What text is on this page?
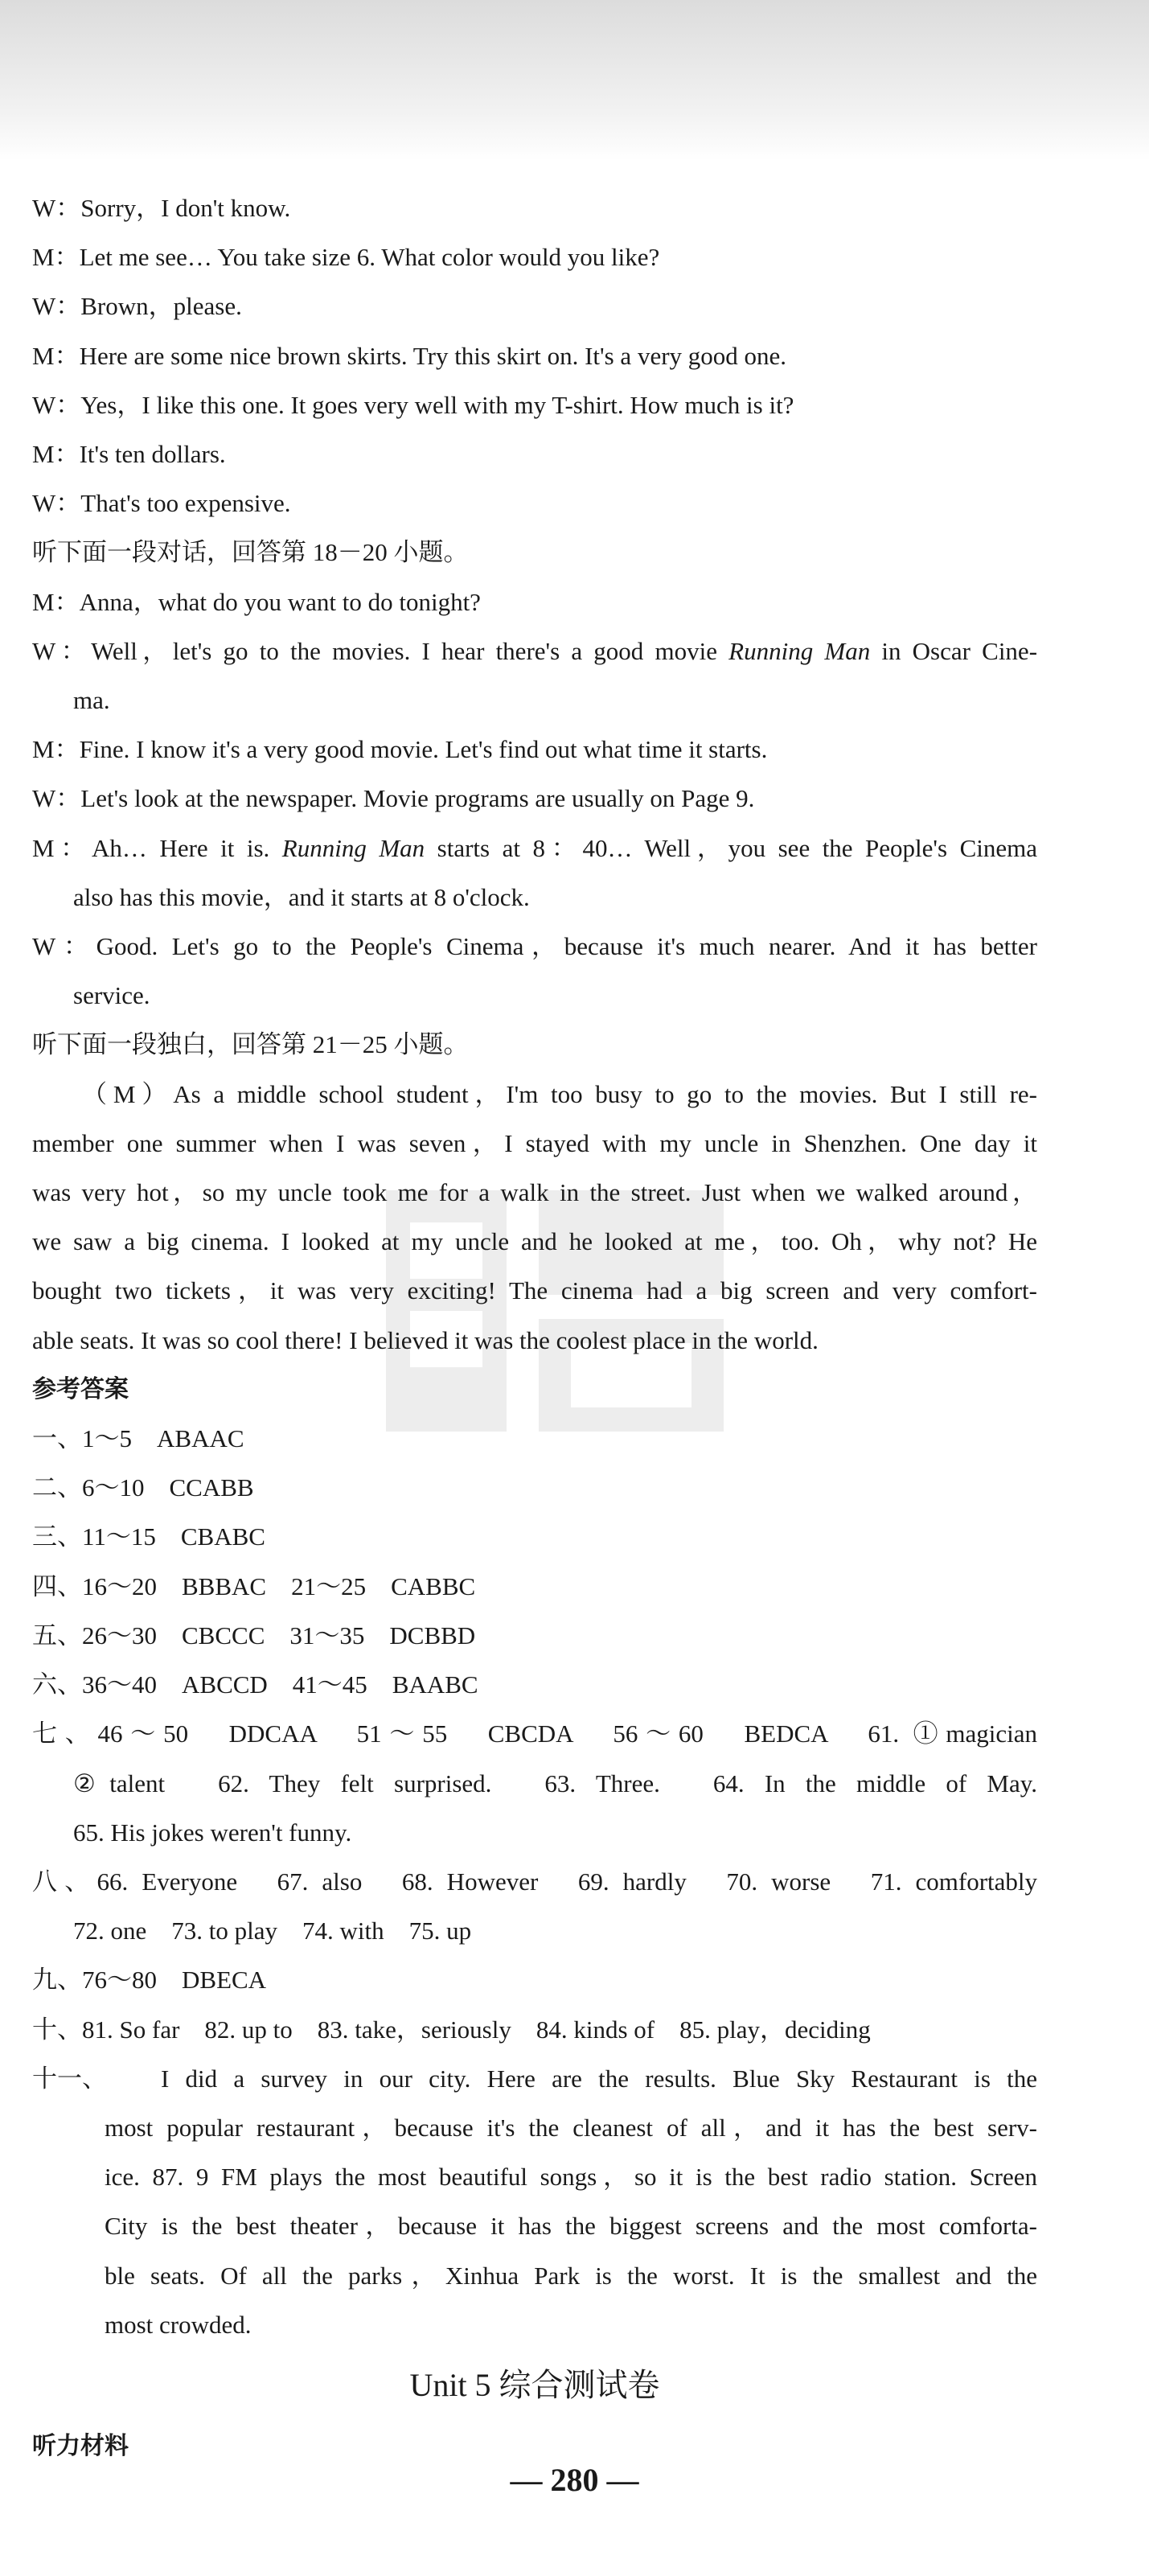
W：Sorry，I don't know.
M：Let me see… You take size 6. What color would you like?
W：Brown，please.
M：Here are some nice brown skirts. Try this skirt on. It's a very good one.
W：Yes，I like this one. It goes very well with my T-shirt. How much is it?
M：It's ten dollars.
W：That's too expensive.
听下面一段对话，回答第 18－20 小题。
M：Anna，what do you want to do tonight?
W：Well，let's go to the movies. I hear there's a good movie Running Man in Oscar Cine-
ma.
M：Fine. I know it's a very good movie. Let's find out what time it starts.
W：Let's look at the newspaper. Movie programs are usually on Page 9.
M：Ah… Here it is. Running Man starts at 8：40… Well，you see the People's Cinema
also has this movie，and it starts at 8 o'clock.
W：Good. Let's go to the People's Cinema，because it's much nearer. And it has better
service.
听下面一段独白，回答第 21－25 小题。
（M）As a middle school student，I'm too busy to go to the movies. But I still re-
member one summer when I was seven，I stayed with my uncle in Shenzhen. One day it
was very hot，so my uncle took me for a walk in the street. Just when we walked around，
we saw a big cinema. I looked at my uncle and he looked at me，too. Oh，why not? He
bought two tickets，it was very exciting! The cinema had a big screen and very comfort-
able seats. It was so cool there! I believed it was the coolest place in the world.
参考答案
一、1～5　ABAAC
二、6～10　CCABB
三、11～15　CBABC
四、16～20　BBBAC　21～25　CABBC
五、26～30　CBCCC　31～35　DCBBD
六、36～40　ABCCD　41～45　BAABC
七、46～50　DDCAA　51～55　CBCDA　56～60　BEDCA　61. ①magician
②talent　62. They felt surprised.　63. Three.　64. In the middle of May.
65. His jokes weren't funny.
八、66. Everyone　67. also　68. However　69. hardly　70. worse　71. comfortably
72. one　73. to play　74. with　75. up
九、76～80　DBECA
十、81. So far　82. up to　83. take，seriously　84. kinds of　85. play，deciding
十一、	I did a survey in our city. Here are the results. Blue Sky Restaurant is the
most popular restaurant，because it's the cleanest of all，and it has the best serv-
ice. 87. 9 FM plays the most beautiful songs，so it is the best radio station. Screen
City is the best theater，because it has the biggest screens and the most comforta-
ble seats. Of all the parks，Xinhua Park is the worst. It is the smallest and the
most crowded.
Unit 5 综合测试卷
听力材料
— 280 —
